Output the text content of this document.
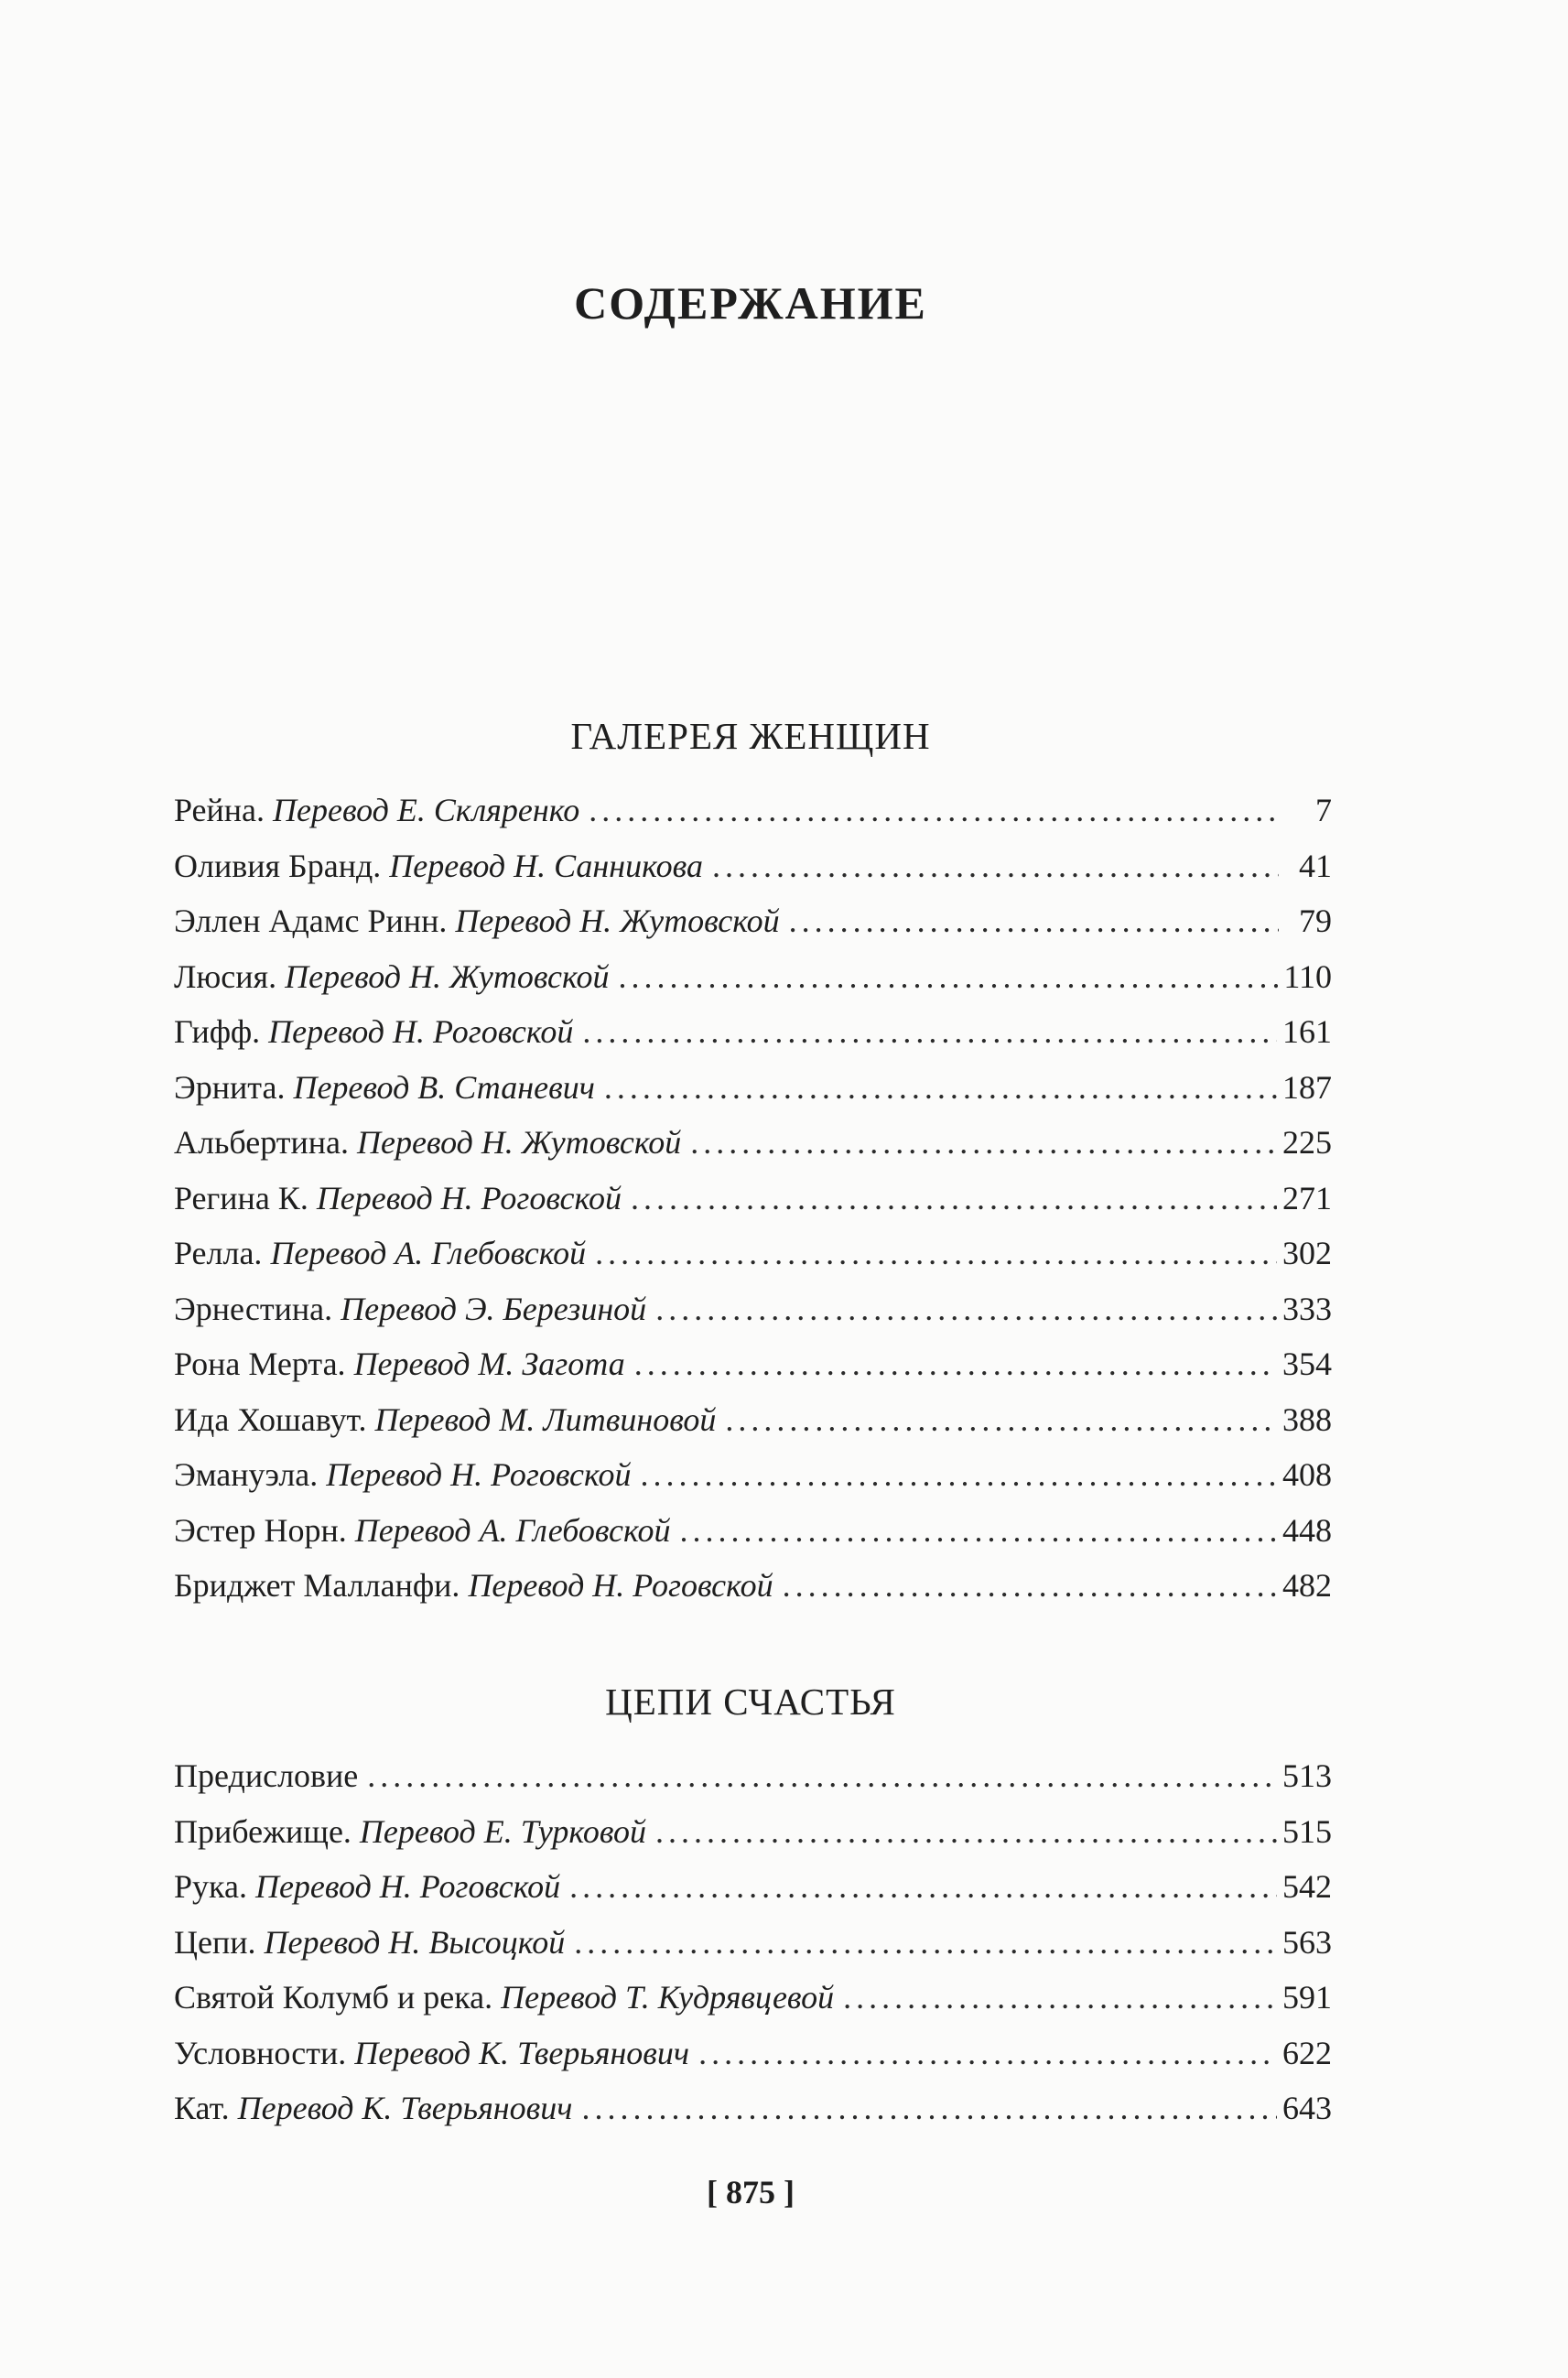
СОДЕРЖАНИЕ
ГАЛЕРЕЯ ЖЕНЩИН
Рейна. Перевод Е. Скляренко . . .	7
Оливия Бранд. Перевод Н. Санникова . . .	41
Эллен Адамс Ринн. Перевод Н. Жутовской . . .	79
Люсия. Перевод Н. Жутовской . . .	110
Гифф. Перевод Н. Роговской . . .	161
Эрнита. Перевод В. Станевич . . .	187
Альбертина. Перевод Н. Жутовской . . .	225
Регина К. Перевод Н. Роговской . . .	271
Релла. Перевод А. Глебовской . . .	302
Эрнестина. Перевод Э. Березиной . . .	333
Рона Мерта. Перевод М. Загота . . .	354
Ида Хошавут. Перевод М. Литвиновой . . .	388
Эмануэла. Перевод Н. Роговской . . .	408
Эстер Норн. Перевод А. Глебовской . . .	448
Бриджет Малланфи. Перевод Н. Роговской . . .	482
ЦЕПИ СЧАСТЬЯ
Предисловие . . .	513
Прибежище. Перевод Е. Турковой . . .	515
Рука. Перевод Н. Роговской . . .	542
Цепи. Перевод Н. Высоцкой . . .	563
Святой Колумб и река. Перевод Т. Кудрявцевой . . .	591
Условности. Перевод К. Тверьянович . . .	622
Кат. Перевод К. Тверьянович . . .	643
[ 875 ]
